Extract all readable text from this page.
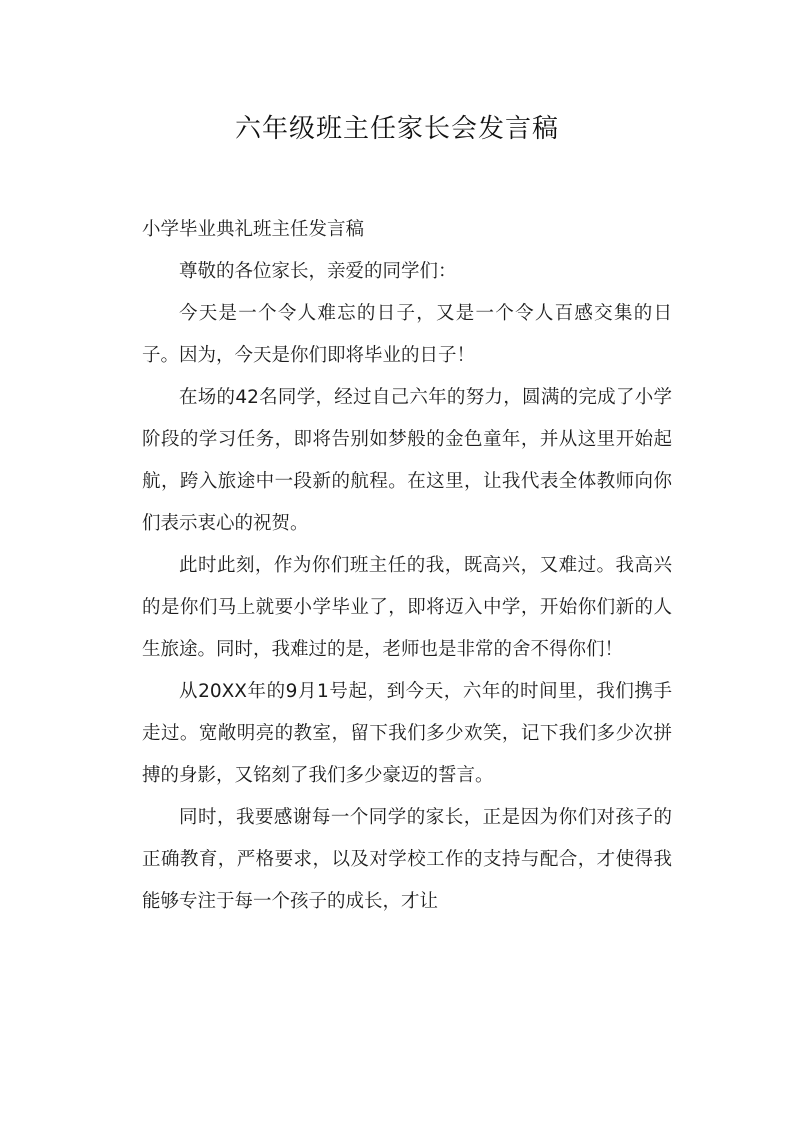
六年级班主任家长会发言稿

小学毕业典礼班主任发言稿

尊敬的各位家长，亲爱的同学们：

今天是一个令人难忘的日子，又是一个令人百感交集的日子。因为，今天是你们即将毕业的日子！

在场的42名同学，经过自己六年的努力，圆满的完成了小学阶段的学习任务，即将告别如梦般的金色童年，并从这里开始起航，跨入旅途中一段新的航程。在这里，让我代表全体教师向你们表示衷心的祝贺。

此时此刻，作为你们班主任的我，既高兴，又难过。我高兴的是你们马上就要小学毕业了，即将迈入中学，开始你们新的人生旅途。同时，我难过的是，老师也是非常的舍不得你们！

从20XX年的9月1号起，到今天，六年的时间里，我们携手走过。宽敞明亮的教室，留下我们多少欢笑，记下我们多少次拼搏的身影，又铭刻了我们多少豪迈的誓言。

同时，我要感谢每一个同学的家长，正是因为你们对孩子的正确教育，严格要求，以及对学校工作的支持与配合，才使得我能够专注于每一个孩子的成长，才让
